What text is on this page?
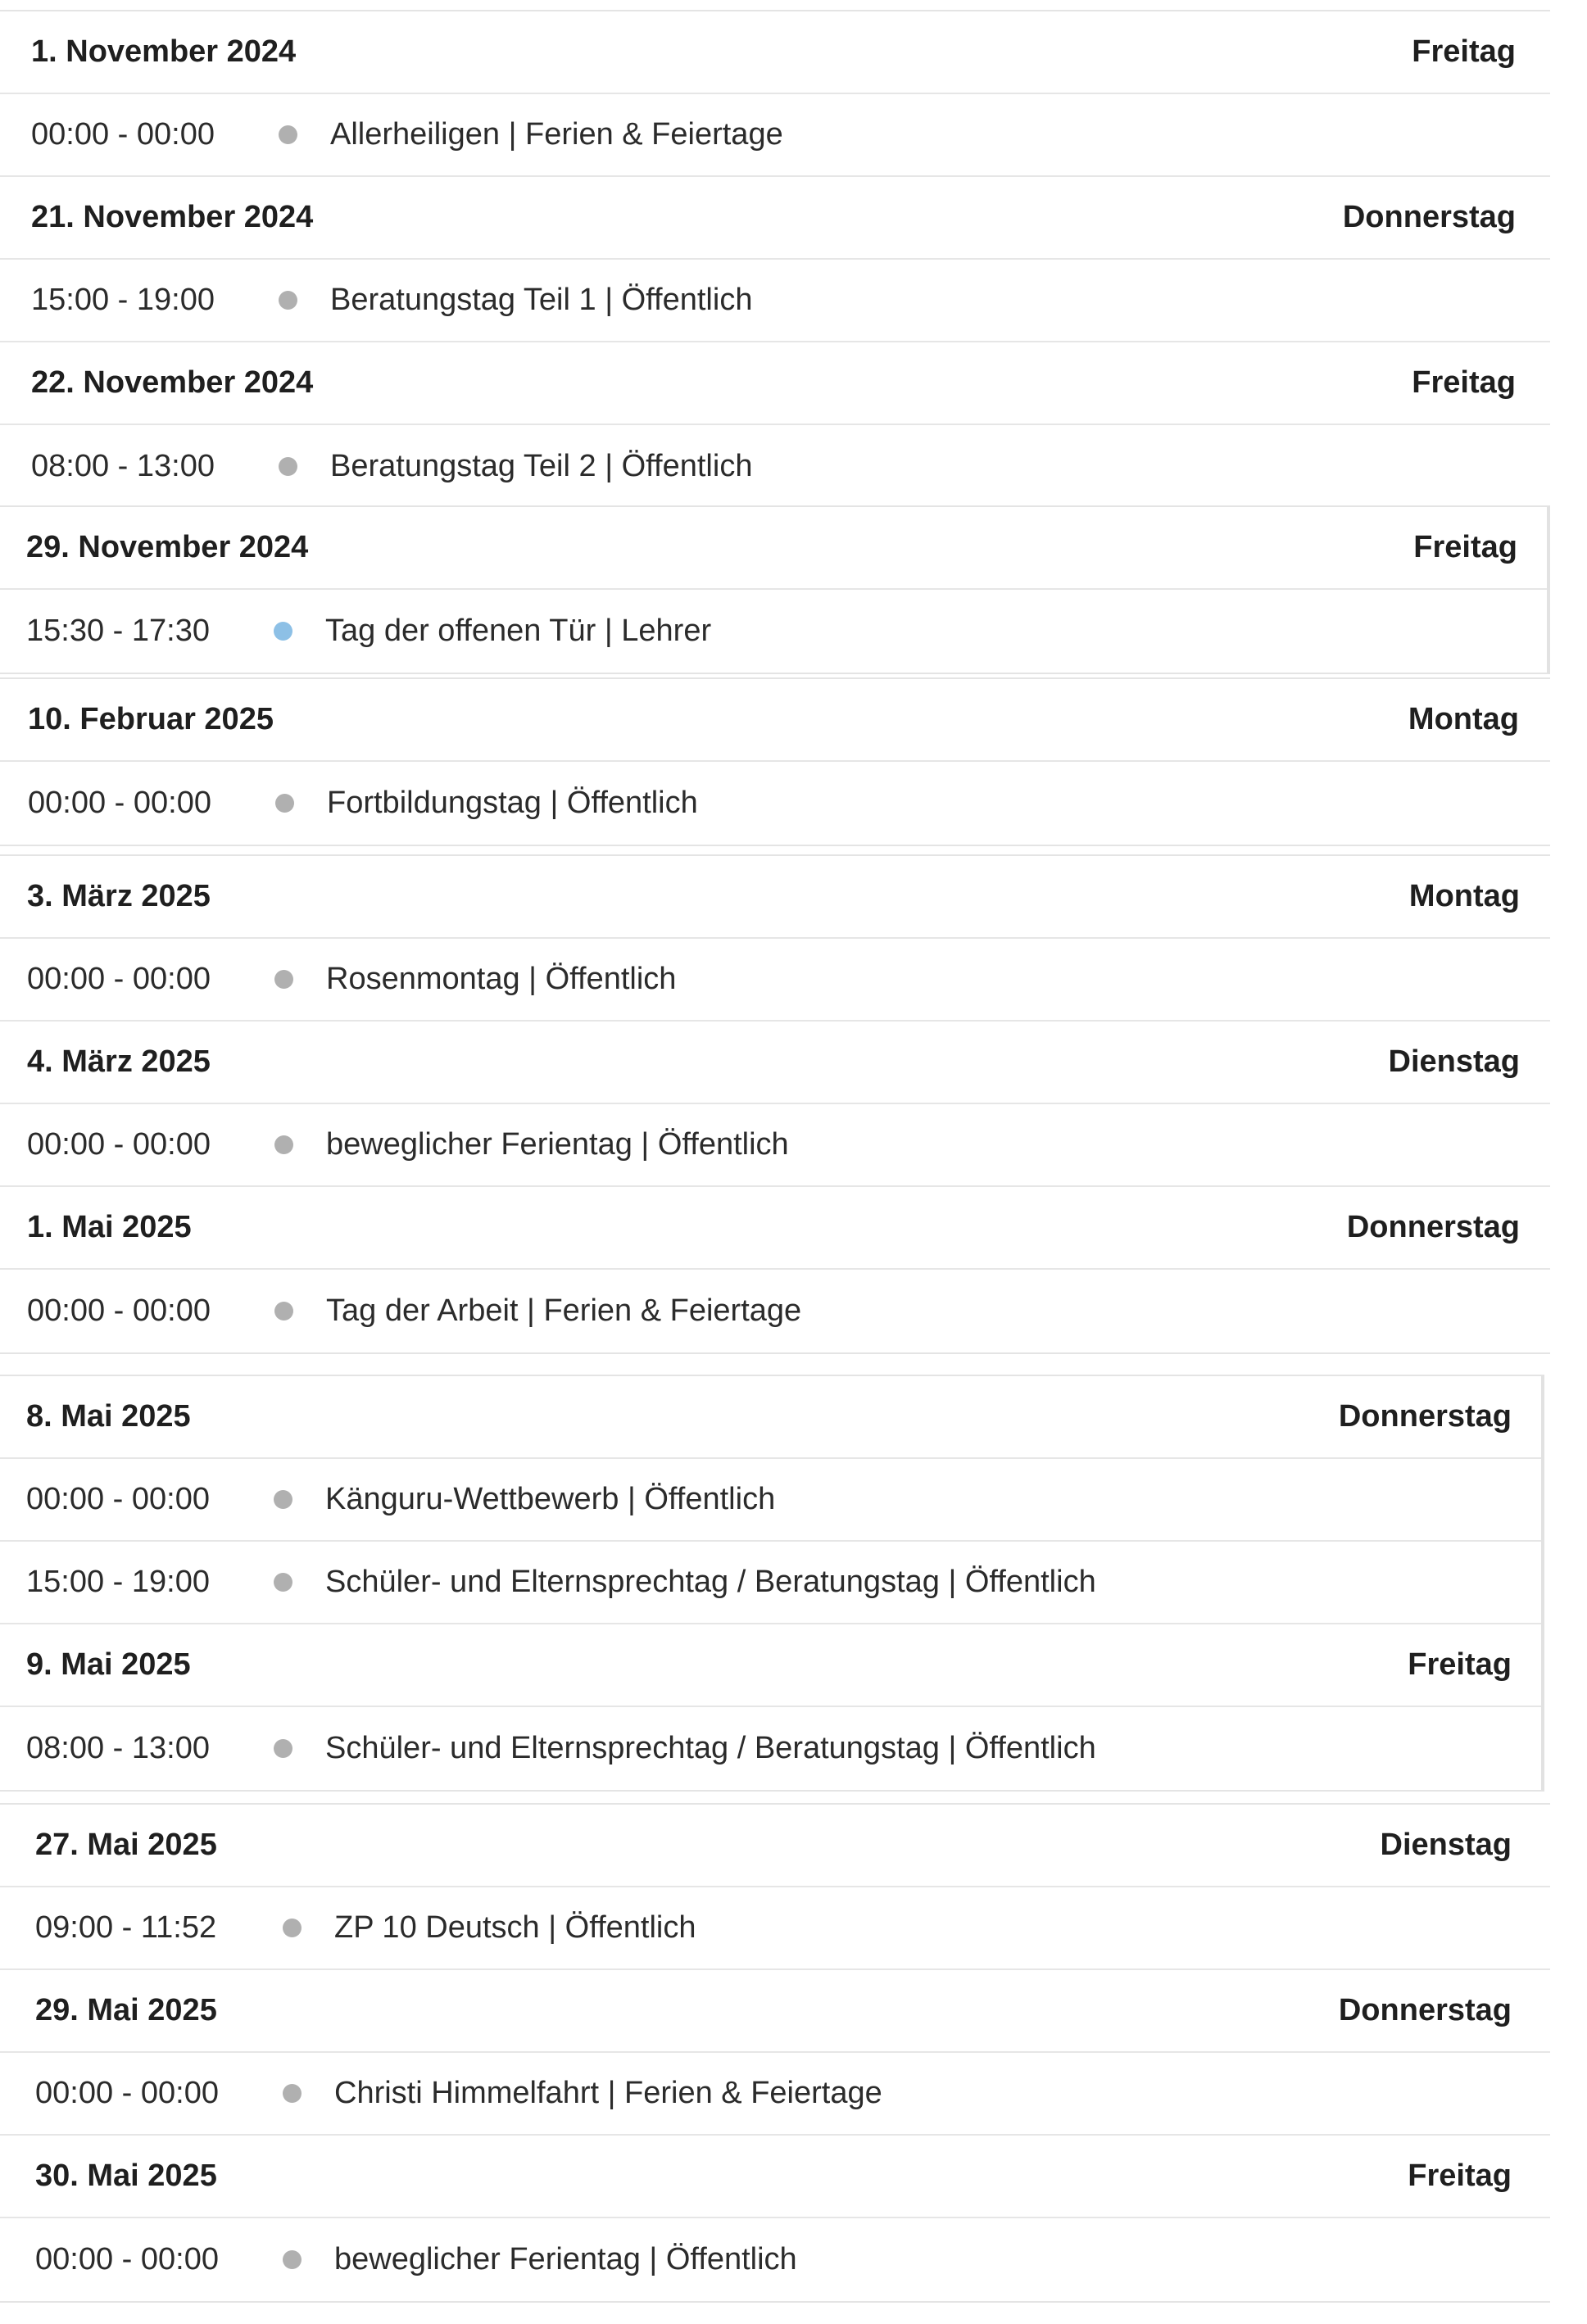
1. November 2024	Freitag
00:00 - 00:00	Allerheiligen | Ferien & Feiertage
21. November 2024	Donnerstag
15:00 - 19:00	Beratungstag Teil 1 | Öffentlich
22. November 2024	Freitag
08:00 - 13:00	Beratungstag Teil 2 | Öffentlich
29. November 2024	Freitag
15:30 - 17:30	Tag der offenen Tür | Lehrer
10. Februar 2025	Montag
00:00 - 00:00	Fortbildungstag | Öffentlich
3. März 2025	Montag
00:00 - 00:00	Rosenmontag | Öffentlich
4. März 2025	Dienstag
00:00 - 00:00	beweglicher Ferientag | Öffentlich
1. Mai 2025	Donnerstag
00:00 - 00:00	Tag der Arbeit | Ferien & Feiertage
8. Mai 2025	Donnerstag
00:00 - 00:00	Känguru-Wettbewerb | Öffentlich
15:00 - 19:00	Schüler- und Elternsprechtag / Beratungstag | Öffentlich
9. Mai 2025	Freitag
08:00 - 13:00	Schüler- und Elternsprechtag / Beratungstag | Öffentlich
27. Mai 2025	Dienstag
09:00 - 11:52	ZP 10 Deutsch | Öffentlich
29. Mai 2025	Donnerstag
00:00 - 00:00	Christi Himmelfahrt | Ferien & Feiertage
30. Mai 2025	Freitag
00:00 - 00:00	beweglicher Ferientag | Öffentlich
